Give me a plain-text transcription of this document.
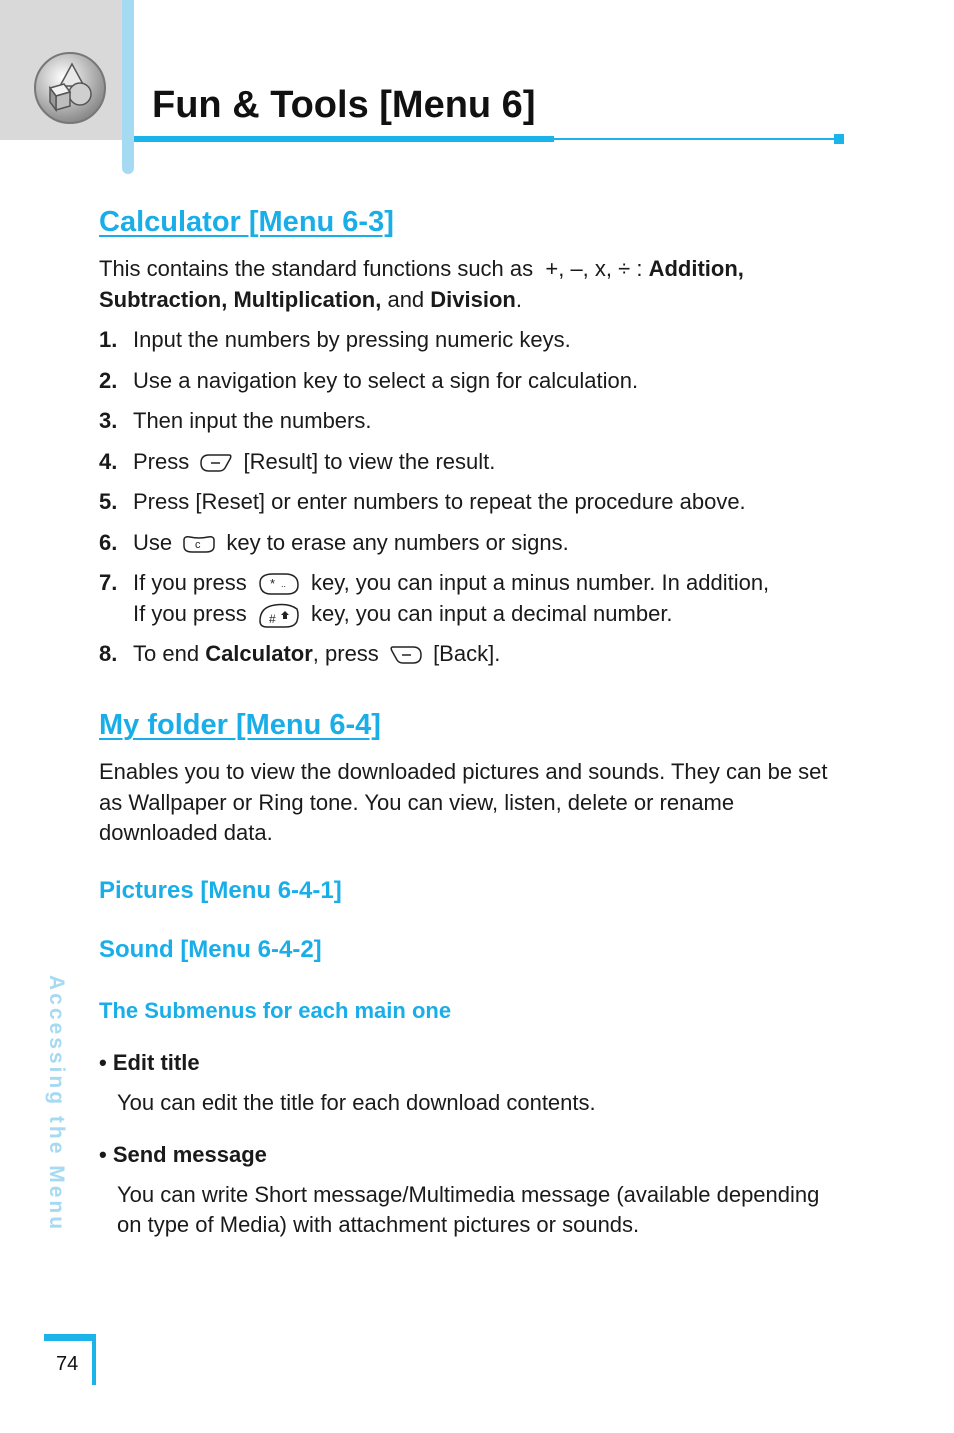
Fun & Tools [Menu 6]
Calculator [Menu 6-3]

This contains the standard functions such as +, –, x, ÷ : Addition,
Subtraction, Multiplication, and Division.

1. Input the numbers by pressing numeric keys.
2. Use a navigation key to select a sign for calculation.
3. Then input the numbers.
4. Press [Result] to view the result.
5. Press [Reset] or enter numbers to repeat the procedure above.
6. Use c key to erase any numbers or signs.
7. If you press * .. key, you can input a minus number. In addition,
If you press # key, you can input a decimal number.
8. To end Calculator, press [Back].
My folder [Menu 6-4]

Enables you to view the downloaded pictures and sounds. They can be set as Wallpaper or Ring tone. You can view, listen, delete or rename downloaded data.

Pictures [Menu 6-4-1]
Sound [Menu 6-4-2]
The Submenus for each main one
• Edit title

You can edit the title for each download contents.

• Send message

You can write Short message/Multimedia message (available depending on type of Media) with attachment pictures or sounds.

Accessing the Menu
74
